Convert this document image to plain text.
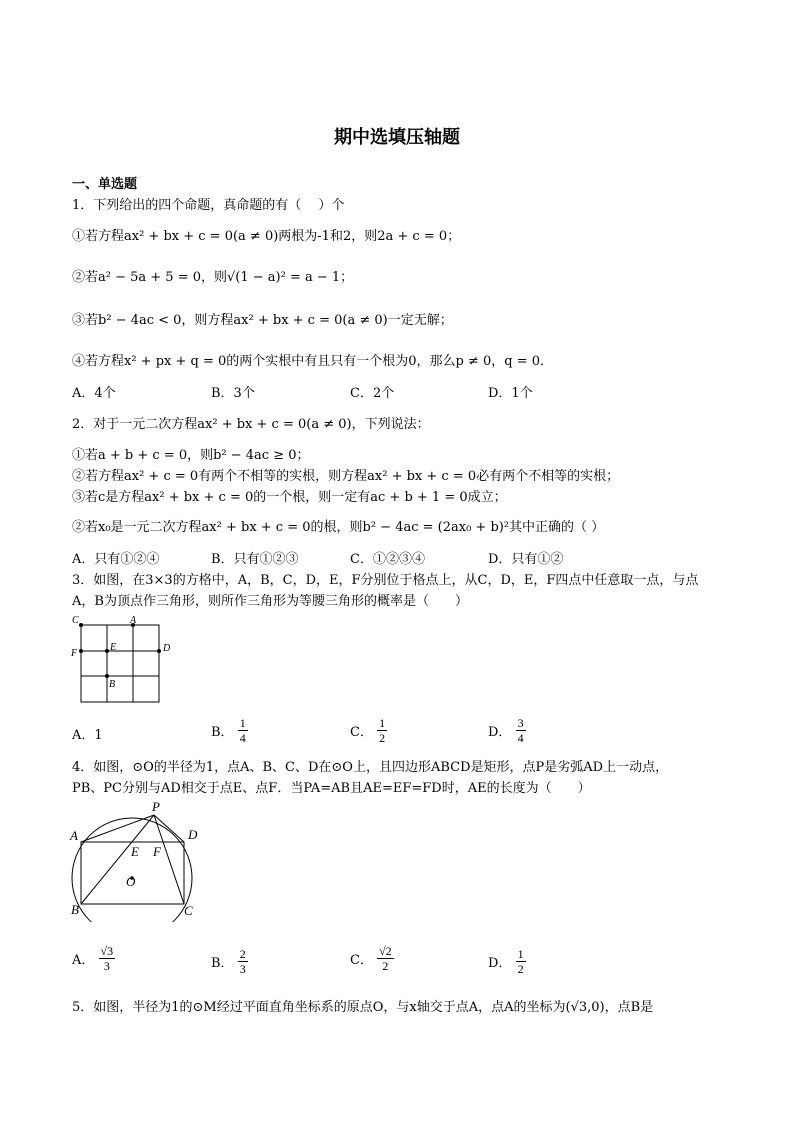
期中选填压轴题
一、单选题
1．下列给出的四个命题，真命题的有（　 ）个
①若方程ax² + bx + c = 0(a ≠ 0)两根为-1和2，则2a + c = 0；
②若a² − 5a + 5 = 0，则√(1 − a)² = a − 1；
③若b² − 4ac < 0，则方程ax² + bx + c = 0(a ≠ 0)一定无解；
④若方程x² + px + q = 0的两个实根中有且只有一个根为0，那么p ≠ 0，q = 0．
A．4个	B．3个	C．2个	D．1个
2．对于一元二次方程ax² + bx + c = 0(a ≠ 0)，下列说法：
①若a + b + c = 0，则b² − 4ac ≥ 0；
②若方程ax² + c = 0有两个不相等的实根，则方程ax² + bx + c = 0必有两个不相等的实根；
③若c是方程ax² + bx + c = 0的一个根，则一定有ac + b + 1 = 0成立；
②若x₀是一元二次方程ax² + bx + c = 0的根，则b² − 4ac = (2ax₀ + b)²其中正确的（ ）
A．只有①②④	B．只有①②③	C．①②③④	D．只有①②
3．如图，在3×3的方格中，A，B，C，D，E，F分别位于格点上，从C，D，E，F四点中任意取一点，与点
A，B为顶点作三角形，则所作三角形为等腰三角形的概率是（　　）
C	A
E	D
F
B
A．1	B． $\frac{1}{4}$	C． $\frac{1}{2}$	D． $\frac{3}{4}$
4．如图，⊙O的半径为1，点A、B、C、D在⊙O上，且四边形ABCD是矩形，点P是劣弧AD上一动点，
PB、PC分别与AD相交于点E、点F．当PA=AB且AE=EF=FD时，AE的长度为（　　）
P
A	D
E F
O
B	C
A． $\frac{√3}{3}$	B． $\frac{2}{3}$	C． $\frac{√2}{2}$	D． $\frac{1}{2}$
5．如图，半径为1的⊙M经过平面直角坐标系的原点O，与x轴交于点A，点A的坐标为(√3,0)，点B是
